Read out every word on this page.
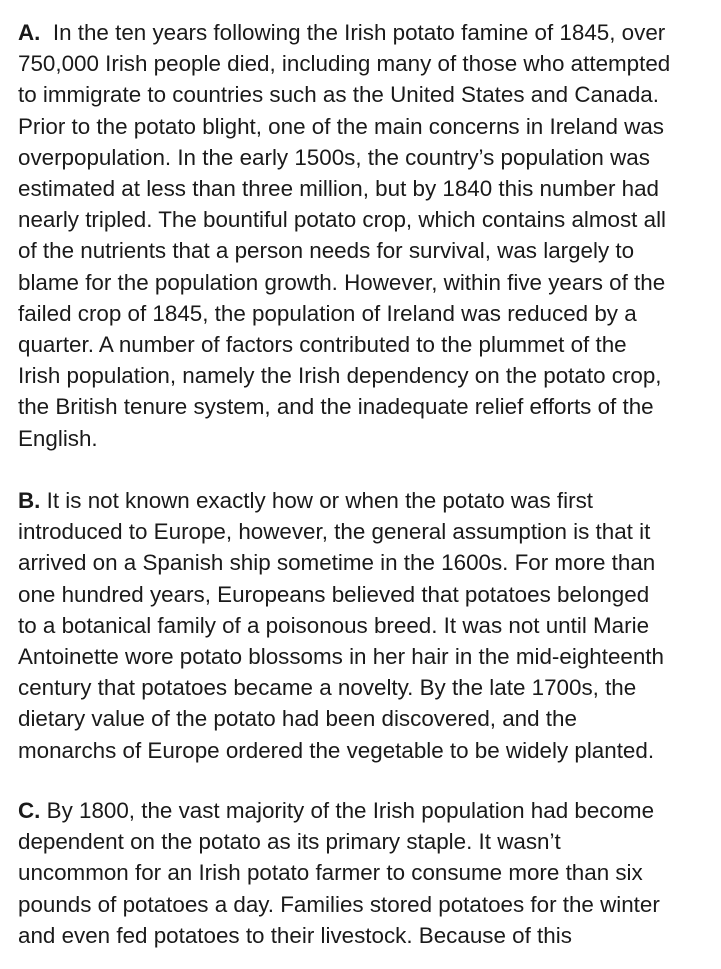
A. In the ten years following the Irish potato famine of 1845, over
750,000 Irish people died, including many of those who attempted
to immigrate to countries such as the United States and Canada.
Prior to the potato blight, one of the main concerns in Ireland was
overpopulation. In the early 1500s, the country’s population was
estimated at less than three million, but by 1840 this number had
nearly tripled. The bountiful potato crop, which contains almost all
of the nutrients that a person needs for survival, was largely to
blame for the population growth. However, within five years of the
failed crop of 1845, the population of Ireland was reduced by a
quarter. A number of factors contributed to the plummet of the
Irish population, namely the Irish dependency on the potato crop,
the British tenure system, and the inadequate relief efforts of the
English.

B. It is not known exactly how or when the potato was first
introduced to Europe, however, the general assumption is that it
arrived on a Spanish ship sometime in the 1600s. For more than
one hundred years, Europeans believed that potatoes belonged
to a botanical family of a poisonous breed. It was not until Marie
Antoinette wore potato blossoms in her hair in the mid-eighteenth
century that potatoes became a novelty. By the late 1700s, the
dietary value of the potato had been discovered, and the
monarchs of Europe ordered the vegetable to be widely planted.

C. By 1800, the vast majority of the Irish population had become
dependent on the potato as its primary staple. It wasn’t
uncommon for an Irish potato farmer to consume more than six
pounds of potatoes a day. Families stored potatoes for the winter
and even fed potatoes to their livestock. Because of this
